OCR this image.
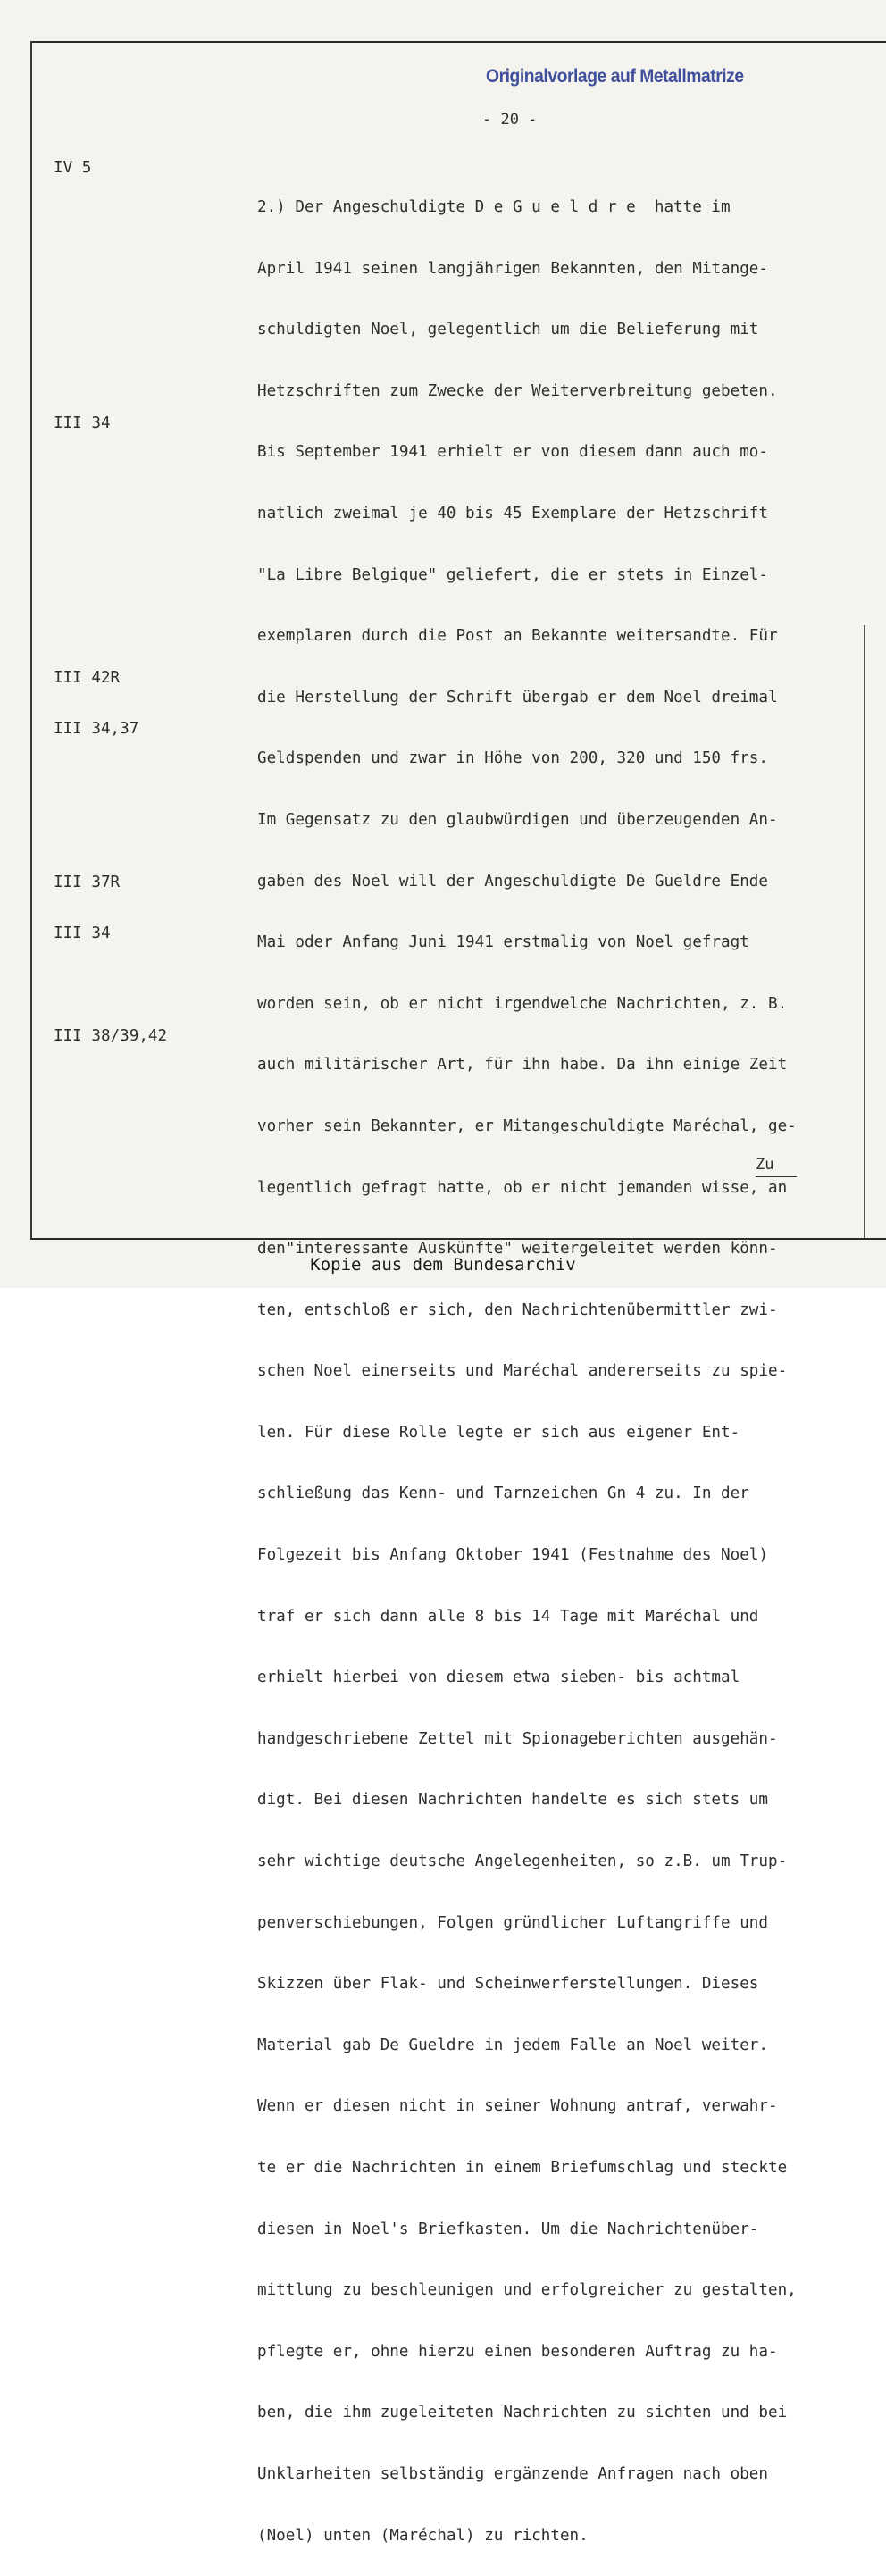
Originalvorlage auf Metallmatrize
- 20 -

IV 5

III 34

III 42R

III 34,37

III 37R

III 34

III 38/39,42

2.) Der Angeschuldigte D e G u e l d r e  hatte im

April 1941 seinen langjährigen Bekannten, den Mitange-

schuldigten Noel, gelegentlich um die Belieferung mit

Hetzschriften zum Zwecke der Weiterverbreitung gebeten.

Bis September 1941 erhielt er von diesem dann auch mo-

natlich zweimal je 40 bis 45 Exemplare der Hetzschrift

"La Libre Belgique" geliefert, die er stets in Einzel-

exemplaren durch die Post an Bekannte weitersandte. Für

die Herstellung der Schrift übergab er dem Noel dreimal

Geldspenden und zwar in Höhe von 200, 320 und 150 frs.

Im Gegensatz zu den glaubwürdigen und überzeugenden An-

gaben des Noel will der Angeschuldigte De Gueldre Ende

Mai oder Anfang Juni 1941 erstmalig von Noel gefragt

worden sein, ob er nicht irgendwelche Nachrichten, z. B.

auch militärischer Art, für ihn habe. Da ihn einige Zeit

vorher sein Bekannter, er Mitangeschuldigte Maréchal, ge-

legentlich gefragt hatte, ob er nicht jemanden wisse, an

den"interessante Auskünfte" weitergeleitet werden könn-

ten, entschloß er sich, den Nachrichtenübermittler zwi-

schen Noel einerseits und Maréchal andererseits zu spie-

len. Für diese Rolle legte er sich aus eigener Ent-

schließung das Kenn- und Tarnzeichen Gn 4 zu. In der

Folgezeit bis Anfang Oktober 1941 (Festnahme des Noel)

traf er sich dann alle 8 bis 14 Tage mit Maréchal und

erhielt hierbei von diesem etwa sieben- bis achtmal

handgeschriebene Zettel mit Spionageberichten ausgehän-

digt. Bei diesen Nachrichten handelte es sich stets um

sehr wichtige deutsche Angelegenheiten, so z.B. um Trup-

penverschiebungen, Folgen gründlicher Luftangriffe und

Skizzen über Flak- und Scheinwerferstellungen. Dieses

Material gab De Gueldre in jedem Falle an Noel weiter.

Wenn er diesen nicht in seiner Wohnung antraf, verwahr-

te er die Nachrichten in einem Briefumschlag und steckte

diesen in Noel's Briefkasten. Um die Nachrichtenüber-

mittlung zu beschleunigen und erfolgreicher zu gestalten,

pflegte er, ohne hierzu einen besonderen Auftrag zu ha-

ben, die ihm zugeleiteten Nachrichten zu sichten und bei

Unklarheiten selbständig ergänzende Anfragen nach oben

(Noel) unten (Maréchal) zu richten.

Zu
Kopie aus dem Bundesarchiv
